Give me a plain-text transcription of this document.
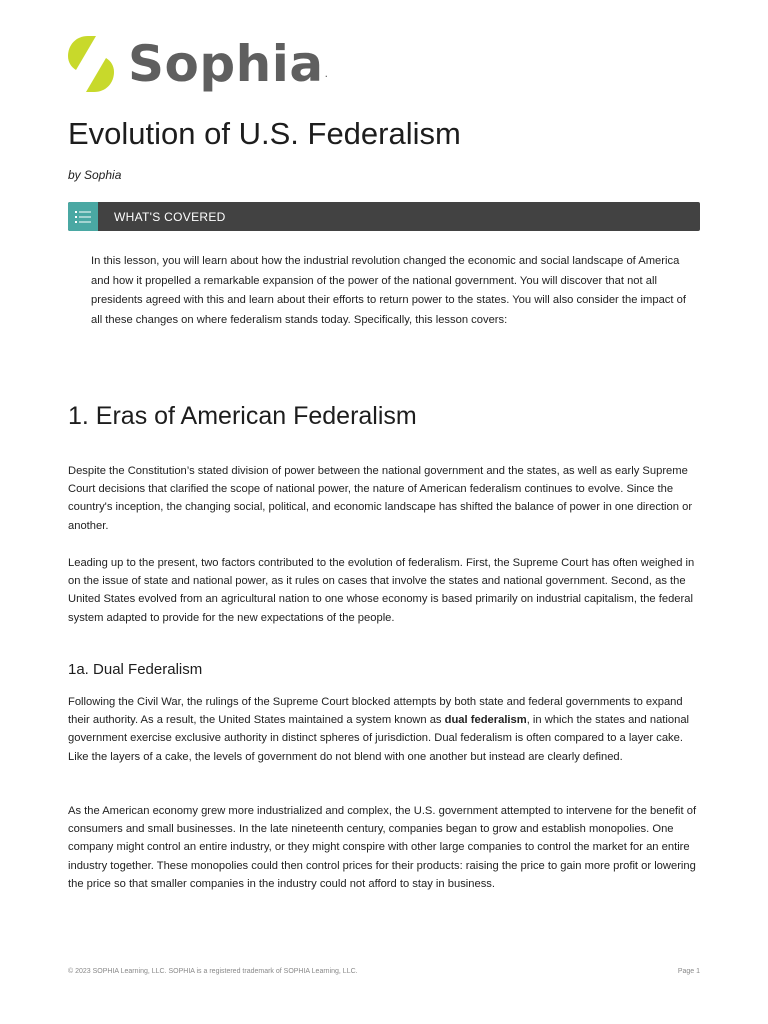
Sophia .
Evolution of U.S. Federalism
by Sophia
WHAT'S COVERED
In this lesson, you will learn about how the industrial revolution changed the economic and social landscape of America and how it propelled a remarkable expansion of the power of the national government. You will discover that not all presidents agreed with this and learn about their efforts to return power to the states. You will also consider the impact of all these changes on where federalism stands today. Specifically, this lesson covers:
1. Eras of American Federalism

Despite the Constitution’s stated division of power between the national government and the states, as well as early Supreme Court decisions that clarified the scope of national power, the nature of American federalism continues to evolve. Since the country's inception, the changing social, political, and economic landscape has shifted the balance of power in one direction or another.

Leading up to the present, two factors contributed to the evolution of federalism. First, the Supreme Court has often weighed in on the issue of state and national power, as it rules on cases that involve the states and national government. Second, as the United States evolved from an agricultural nation to one whose economy is based primarily on industrial capitalism, the federal system adapted to provide for the new expectations of the people.

1a. Dual Federalism

Following the Civil War, the rulings of the Supreme Court blocked attempts by both state and federal governments to expand their authority. As a result, the United States maintained a system known as dual federalism, in which the states and national government exercise exclusive authority in distinct spheres of jurisdiction. Dual federalism is often compared to a layer cake. Like the layers of a cake, the levels of government do not blend with one another but instead are clearly defined.

As the American economy grew more industrialized and complex, the U.S. government attempted to intervene for the benefit of consumers and small businesses. In the late nineteenth century, companies began to grow and establish monopolies. One company might control an entire industry, or they might conspire with other large companies to control the market for an entire industry together. These monopolies could then control prices for their products: raising the price to gain more profit or lowering the price so that smaller companies in the industry could not afford to stay in business.

© 2023 SOPHIA Learning, LLC. SOPHIA is a registered trademark of SOPHIA Learning, LLC.	Page 1
